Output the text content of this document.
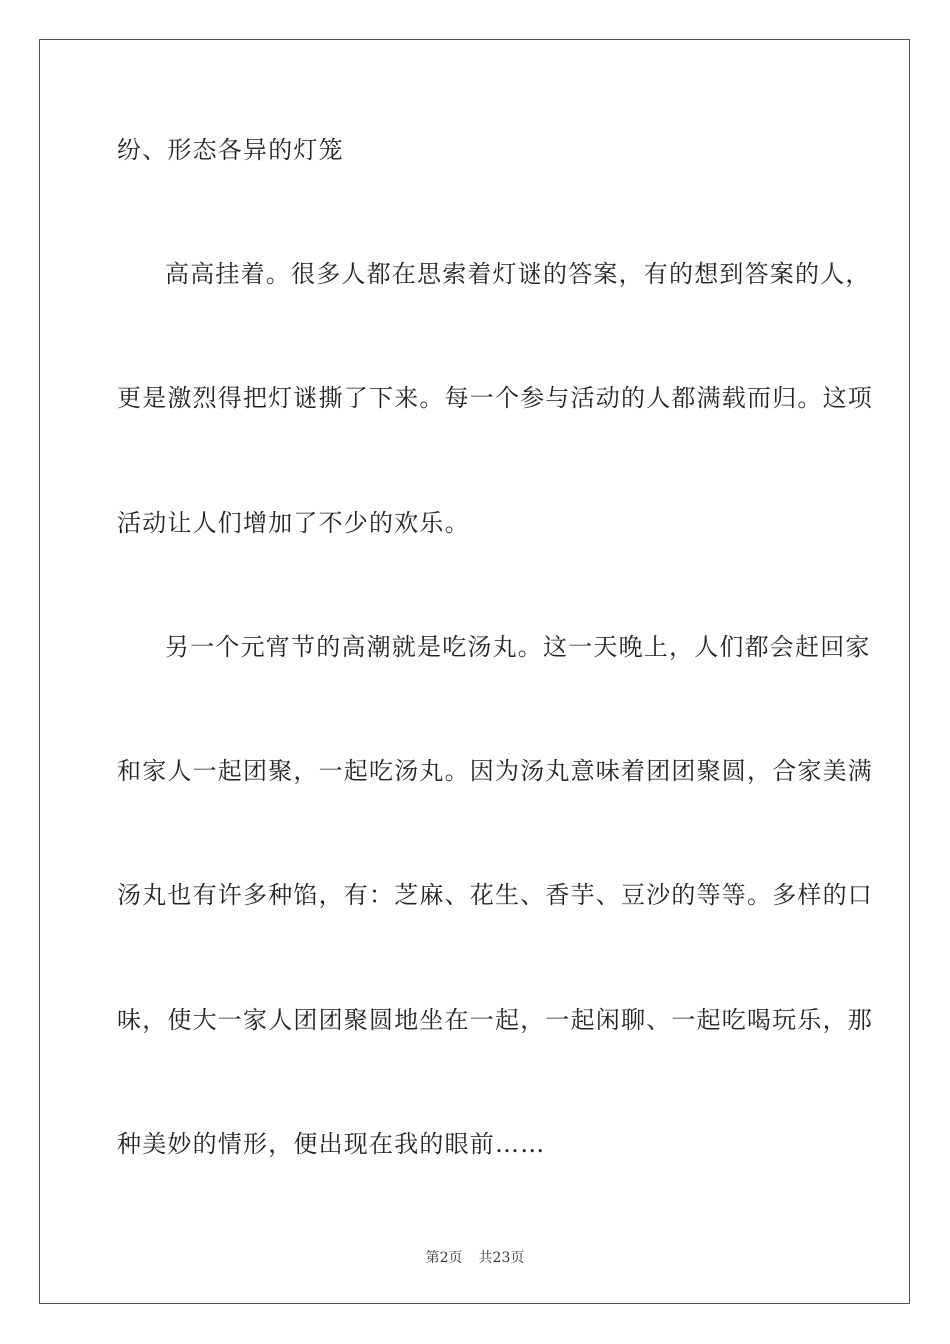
纷、形态各异的灯笼
高高挂着。很多人都在思索着灯谜的答案，有的想到答案的人，
更是激烈得把灯谜撕了下来。每一个参与活动的人都满载而归。这项
活动让人们增加了不少的欢乐。
另一个元宵节的高潮就是吃汤丸。这一天晚上，人们都会赶回家
和家人一起团聚，一起吃汤丸。因为汤丸意味着团团聚圆，合家美满
汤丸也有许多种馅，有：芝麻、花生、香芋、豆沙的等等。多样的口
味，使大一家人团团聚圆地坐在一起，一起闲聊、一起吃喝玩乐，那
种美妙的情形，便出现在我的眼前……
第2页 共23页
